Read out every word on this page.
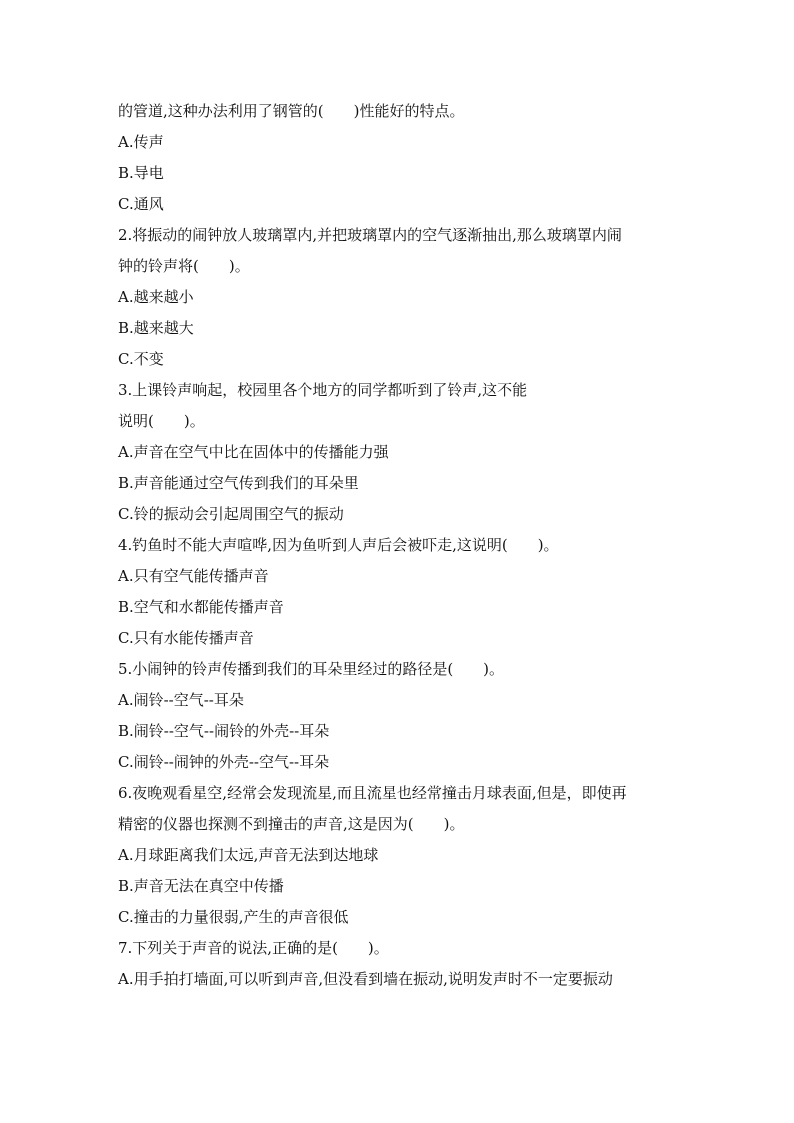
的管道,这种办法利用了钢管的(　　)性能好的特点。
A.传声
B.导电
C.通风
2.将振动的闹钟放人玻璃罩内,并把玻璃罩内的空气逐渐抽出,那么玻璃罩内闹
钟的铃声将(　　)。
A.越来越小
B.越来越大
C.不变
3.上课铃声响起，校园里各个地方的同学都听到了铃声,这不能
说明(　　)。
A.声音在空气中比在固体中的传播能力强
B.声音能通过空气传到我们的耳朵里
C.铃的振动会引起周围空气的振动
4.钓鱼时不能大声喧哗,因为鱼听到人声后会被吓走,这说明(　　)。
A.只有空气能传播声音
B.空气和水都能传播声音
C.只有水能传播声音
5.小闹钟的铃声传播到我们的耳朵里经过的路径是(　　)。
A.闹铃--空气--耳朵
B.闹铃--空气--闹铃的外壳--耳朵
C.闹铃--闹钟的外壳--空气--耳朵
6.夜晚观看星空,经常会发现流星,而且流星也经常撞击月球表面,但是，即使再
精密的仪器也探测不到撞击的声音,这是因为(　　)。
A.月球距离我们太远,声音无法到达地球
B.声音无法在真空中传播
C.撞击的力量很弱,产生的声音很低
7.下列关于声音的说法,正确的是(　　)。
A.用手拍打墙面,可以听到声音,但没看到墙在振动,说明发声时不一定要振动
